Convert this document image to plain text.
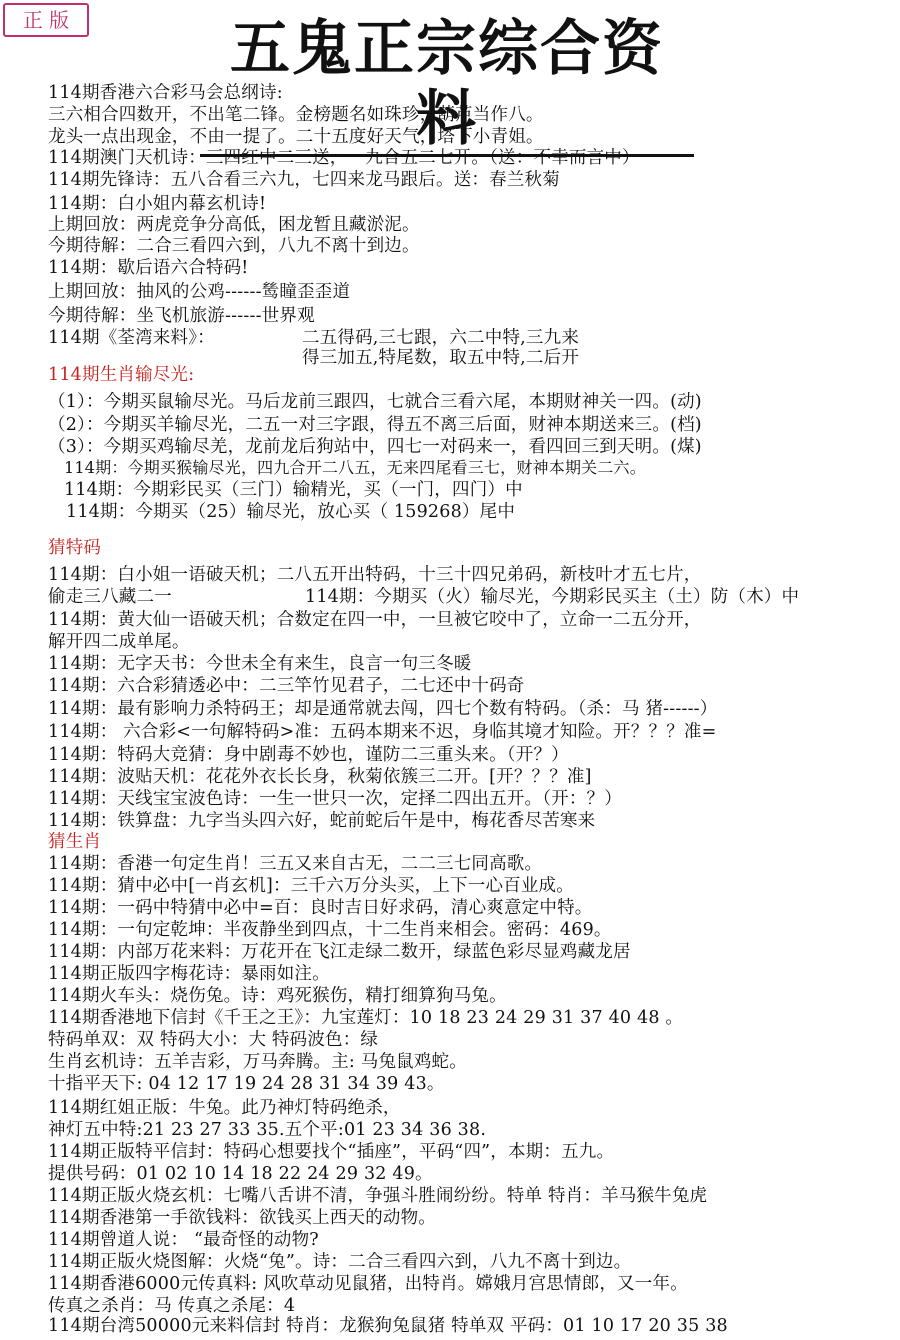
正 版	五鬼正宗综合资料
114期香港六合彩马会总纲诗:
三六相合四数开，不出笔二锋。金榜题名如珠珍，葫芦当作八。
龙头一点出现金，不由一提了。二十五度好天气，塔下小青姐。
114期澳门天机诗：三四红中二三送，一九合五二七开。（送：不幸而言中）
114期先锋诗：五八合看三六九，七四来龙马跟后。送：春兰秋菊
114期：白小姐内幕玄机诗!
上期回放：两虎竞争分高低，困龙暂且藏淤泥。
今期待解：二合三看四六到，八九不离十到边。
114期：歇后语六合特码!
上期回放：抽风的公鸡------鸶瞳歪歪道
今期待解：坐飞机旅游------世界观
114期《荃湾来料》：	二五得码,三七跟，六二中特,三九来
得三加五,特尾数，取五中特,二后开
114期生肖输尽光:
（1）：今期买鼠输尽光。马后龙前三跟四，七就合三看六尾，本期财神关一四。(动)
（2）：今期买羊输尽光，二五一对三字跟，得五不离三后面，财神本期送来三。(档)
（3）：今期买鸡输尽羌，龙前龙后狗站中，四七一对码来一，看四回三到天明。(煤)
114期：今期买猴输尽光，四九合开二八五，无来四尾看三七，财神本期关二六。
114期：今期彩民买（三门）输精光，买（一门，四门）中
114期：今期买（25）输尽光，放心买（ 159268）尾中
猜特码
114期：白小姐一语破天机；二八五开出特码，十三十四兄弟码，新枝叶才五七片，
偷走三八藏二一	114期：今期买（火）输尽光，今期彩民买主（土）防（木）中
114期：黄大仙一语破天机；合数定在四一中，一旦被它咬中了，立命一二五分开，
解开四二成单尾。
114期：无字天书：今世未全有来生，良言一句三冬暖
114期：六合彩猜透必中：二三竿竹见君子，二七还中十码奇
114期：最有影响力杀特码王；却是通常就去闯，四七个数有特码。（杀：马 猪------）
114期： 六合彩<一句解特码>准：五码本期来不迟，身临其境才知险。开？？？准=
114期：特码大竞猜：身中剧毒不妙也，谨防二三重头来。（开？）
114期：波贴天机：花花外衣长长身，秋菊依簇三二开。[开？？？准]
114期：天线宝宝波色诗：一生一世只一次，定择二四出五开。（开：？）
114期：铁算盘：九字当头四六好，蛇前蛇后午是中，梅花香尽苦寒来
猜生肖
114期：香港一句定生肖！三五又来自古无，二二三七同高歌。
114期：猜中必中[一肖玄机]：三千六万分头买，上下一心百业成。
114期：一码中特猜中必中=百：良时吉日好求码，清心爽意定中特。
114期：一句定乾坤：半夜静坐到四点，十二生肖来相会。密码：469。
114期：内部万花来料：万花开在飞江走绿二数开，绿蓝色彩尽显鸡藏龙居
114期正版四字梅花诗：暴雨如注。
114期火车头：烧伤兔。诗：鸡死猴伤，精打细算狗马兔。
114期香港地下信封《千王之王》：九宝莲灯：10 18 23 24 29 31 37 40 48 。
特码单双：双 特码大小：大 特码波色：绿
生肖玄机诗：五羊吉彩，万马奔腾。主: 马兔鼠鸡蛇。
十指平天下: 04 12 17 19 24 28 31 34 39 43。
114期红姐正版：牛兔。此乃神灯特码绝杀，
神灯五中特:21 23 27 33 35.五个平:01 23 34 36 38.
114期正版特平信封：特码心想要找个“插座”，平码“四”，本期：五九。
提供号码：01 02 10 14 18 22 24 29 32 49。
114期正版火烧玄机：七嘴八舌讲不清，争强斗胜闹纷纷。特单 特肖：羊马猴牛兔虎
114期香港第一手欲钱料：欲钱买上西天的动物。
114期曾道人说： “最奇怪的动物?
114期正版火烧图解：火烧“兔”。诗：二合三看四六到，八九不离十到边。
114期香港6000元传真料: 风吹草动见鼠猪，出特肖。嫦娥月宫思情郎，又一年。
传真之杀肖：马 传真之杀尾：4
114期台湾50000元来料信封 特肖：龙猴狗兔鼠猪 特单双 平码：01 10 17 20 35 38
